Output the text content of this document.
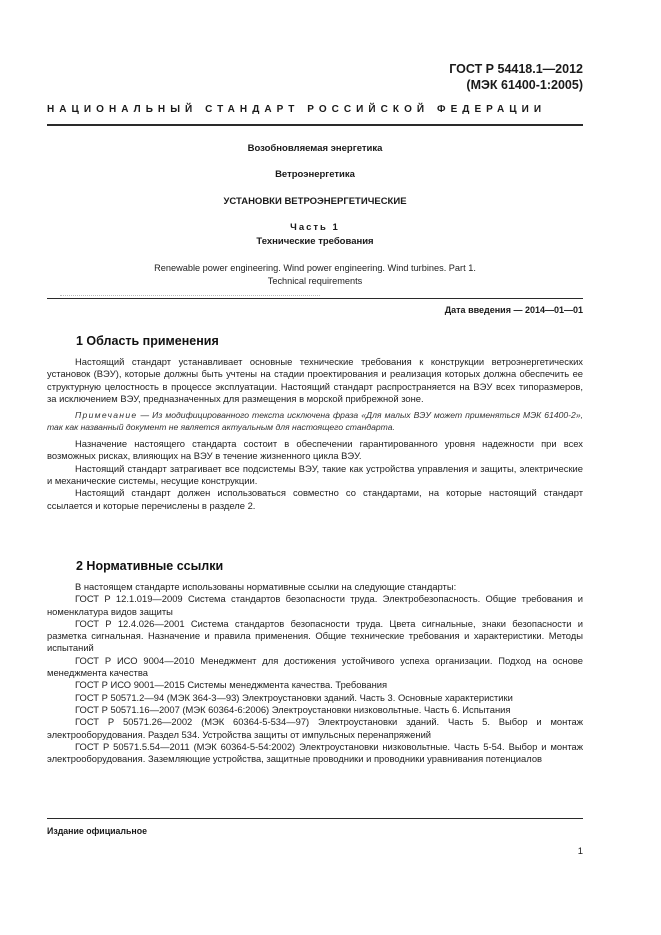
ГОСТ Р 54418.1—2012
(МЭК 61400-1:2005)
НАЦИОНАЛЬНЫЙ СТАНДАРТ РОССИЙСКОЙ ФЕДЕРАЦИИ
Возобновляемая энергетика
Ветроэнергетика
УСТАНОВКИ ВЕТРОЭНЕРГЕТИЧЕСКИЕ
Часть 1
Технические требования
Renewable power engineering. Wind power engineering. Wind turbines. Part 1.
Technical requirements
Дата введения — 2014—01—01
1 Область применения

Настоящий стандарт устанавливает основные технические требования к конструкции ветроэнергетических установок (ВЭУ), которые должны быть учтены на стадии проектирования и реализация которых должна обеспечить ее структурную целостность в процессе эксплуатации. Настоящий стандарт распространяется на ВЭУ всех типоразмеров, за исключением ВЭУ, предназначенных для размещения в морской прибрежной зоне.

Примечание — Из модифицированного текста исключена фраза «Для малых ВЭУ может применяться МЭК 61400-2», так как названный документ не является актуальным для настоящего стандарта.

Назначение настоящего стандарта состоит в обеспечении гарантированного уровня надежности при всех возможных рисках, влияющих на ВЭУ в течение жизненного цикла ВЭУ.

Настоящий стандарт затрагивает все подсистемы ВЭУ, такие как устройства управления и защиты, электрические и механические системы, несущие конструкции.

Настоящий стандарт должен использоваться совместно со стандартами, на которые настоящий стандарт ссылается и которые перечислены в разделе 2.

2 Нормативные ссылки

В настоящем стандарте использованы нормативные ссылки на следующие стандарты:

ГОСТ Р 12.1.019—2009 Система стандартов безопасности труда. Электробезопасность. Общие требования и номенклатура видов защиты

ГОСТ Р 12.4.026—2001 Система стандартов безопасности труда. Цвета сигнальные, знаки безопасности и разметка сигнальная. Назначение и правила применения. Общие технические требования и характеристики. Методы испытаний

ГОСТ Р ИСО 9004—2010 Менеджмент для достижения устойчивого успеха организации. Подход на основе менеджмента качества

ГОСТ Р ИСО 9001—2015 Системы менеджмента качества. Требования

ГОСТ Р 50571.2—94 (МЭК 364-3—93) Электроустановки зданий. Часть 3. Основные характеристики

ГОСТ Р 50571.16—2007 (МЭК 60364-6:2006) Электроустановки низковольтные. Часть 6. Испытания

ГОСТ Р 50571.26—2002 (МЭК 60364-5-534—97) Электроустановки зданий. Часть 5. Выбор и монтаж электрооборудования. Раздел 534. Устройства защиты от импульсных перенапряжений

ГОСТ Р 50571.5.54—2011 (МЭК 60364-5-54:2002) Электроустановки низковольтные. Часть 5-54. Выбор и монтаж электрооборудования. Заземляющие устройства, защитные проводники и проводники уравнивания потенциалов

Издание официальное
1
